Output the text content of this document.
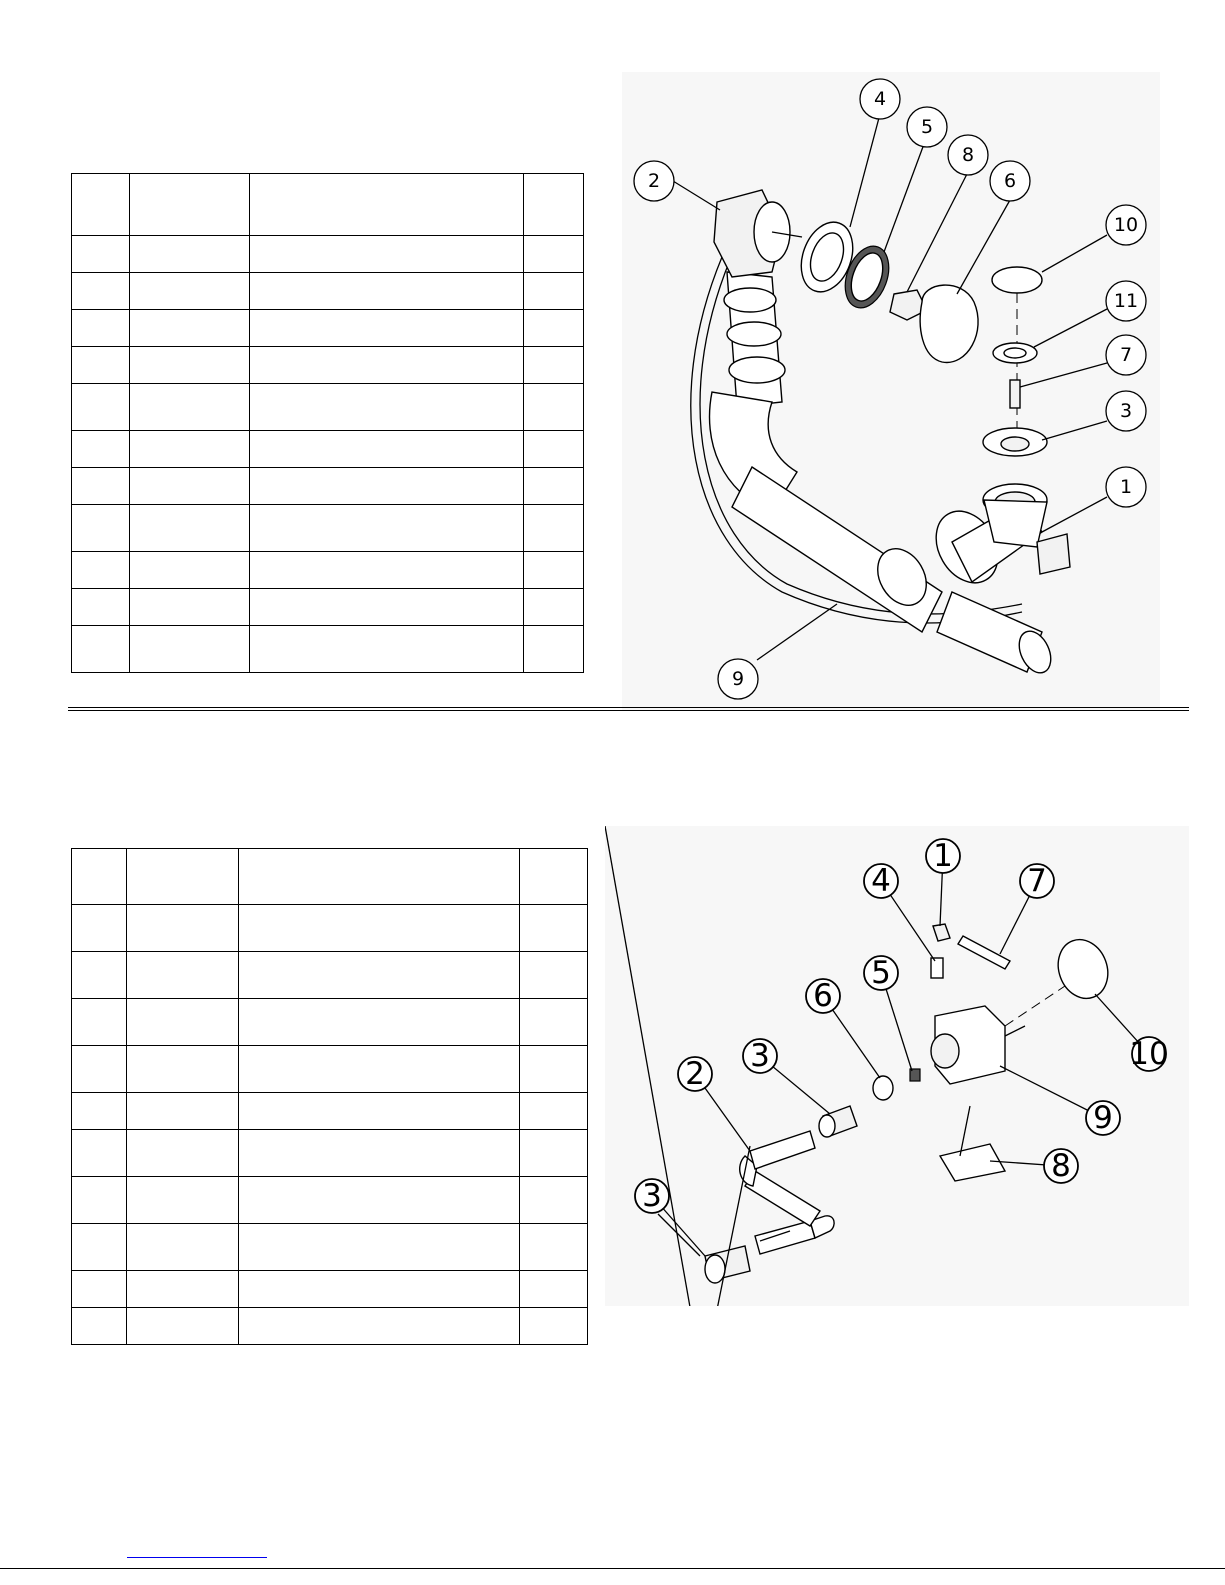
1
2
3
4
5
6
7
8
9
10
11

1
2 3
3
4
5
6
7
8
9
10
